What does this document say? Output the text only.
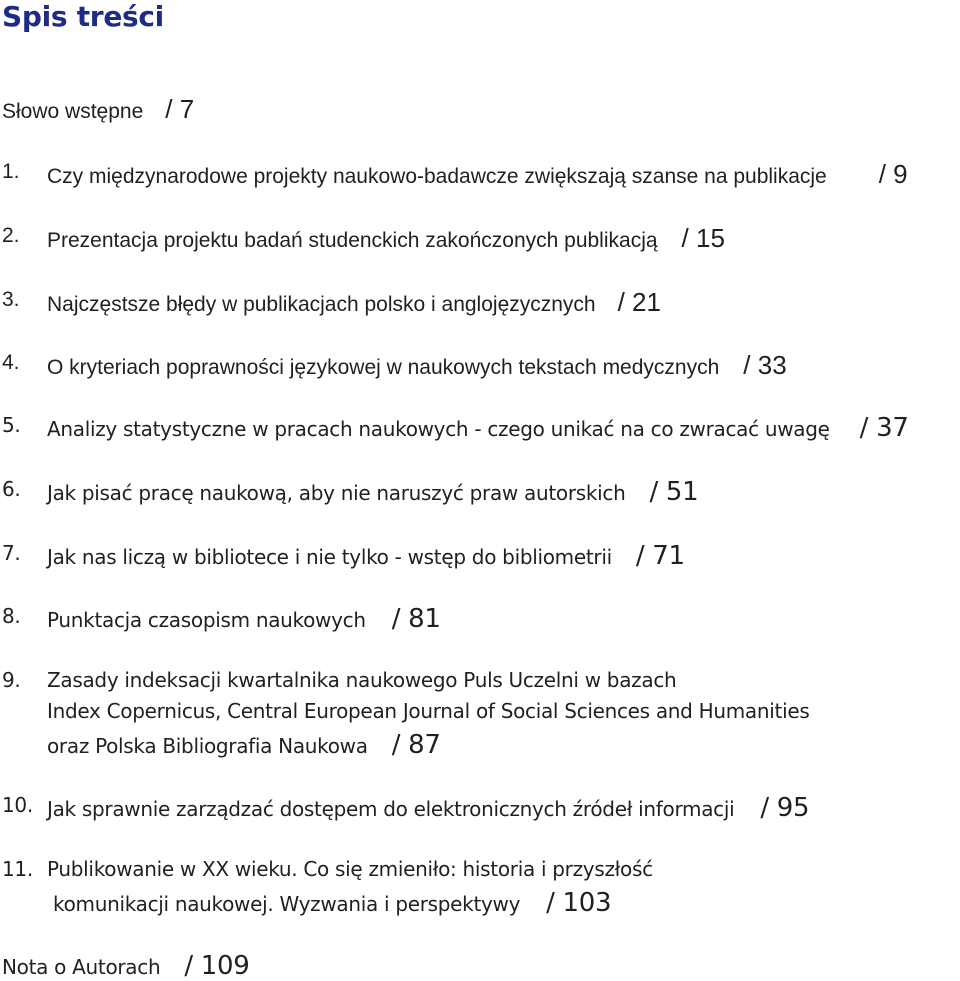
Spis treści
Słowo wstępne / 7
1. Czy międzynarodowe projekty naukowo-badawcze zwiększają szanse na publikacje / 9
2. Prezentacja projektu badań studenckich zakończonych publikacją / 15
3. Najczęstsze błędy w publikacjach polsko i anglojęzycznych / 21
4. O kryteriach poprawności językowej w naukowych tekstach medycznych / 33
5. Analizy statystyczne w pracach naukowych - czego unikać na co zwracać uwagę / 37
6. Jak pisać pracę naukową, aby nie naruszyć praw autorskich / 51
7. Jak nas liczą w bibliotece i nie tylko - wstęp do bibliometrii / 71
8. Punktacja czasopism naukowych / 81
9. Zasady indeksacji kwartalnika naukowego Puls Uczelni w bazach
Index Copernicus, Central European Journal of Social Sciences and Humanities
oraz Polska Bibliografia Naukowa / 87
10. Jak sprawnie zarządzać dostępem do elektronicznych źródeł informacji / 95
11. Publikowanie w XX wieku. Co się zmieniło: historia i przyszłość
komunikacji naukowej. Wyzwania i perspektywy / 103
Nota o Autorach / 109
